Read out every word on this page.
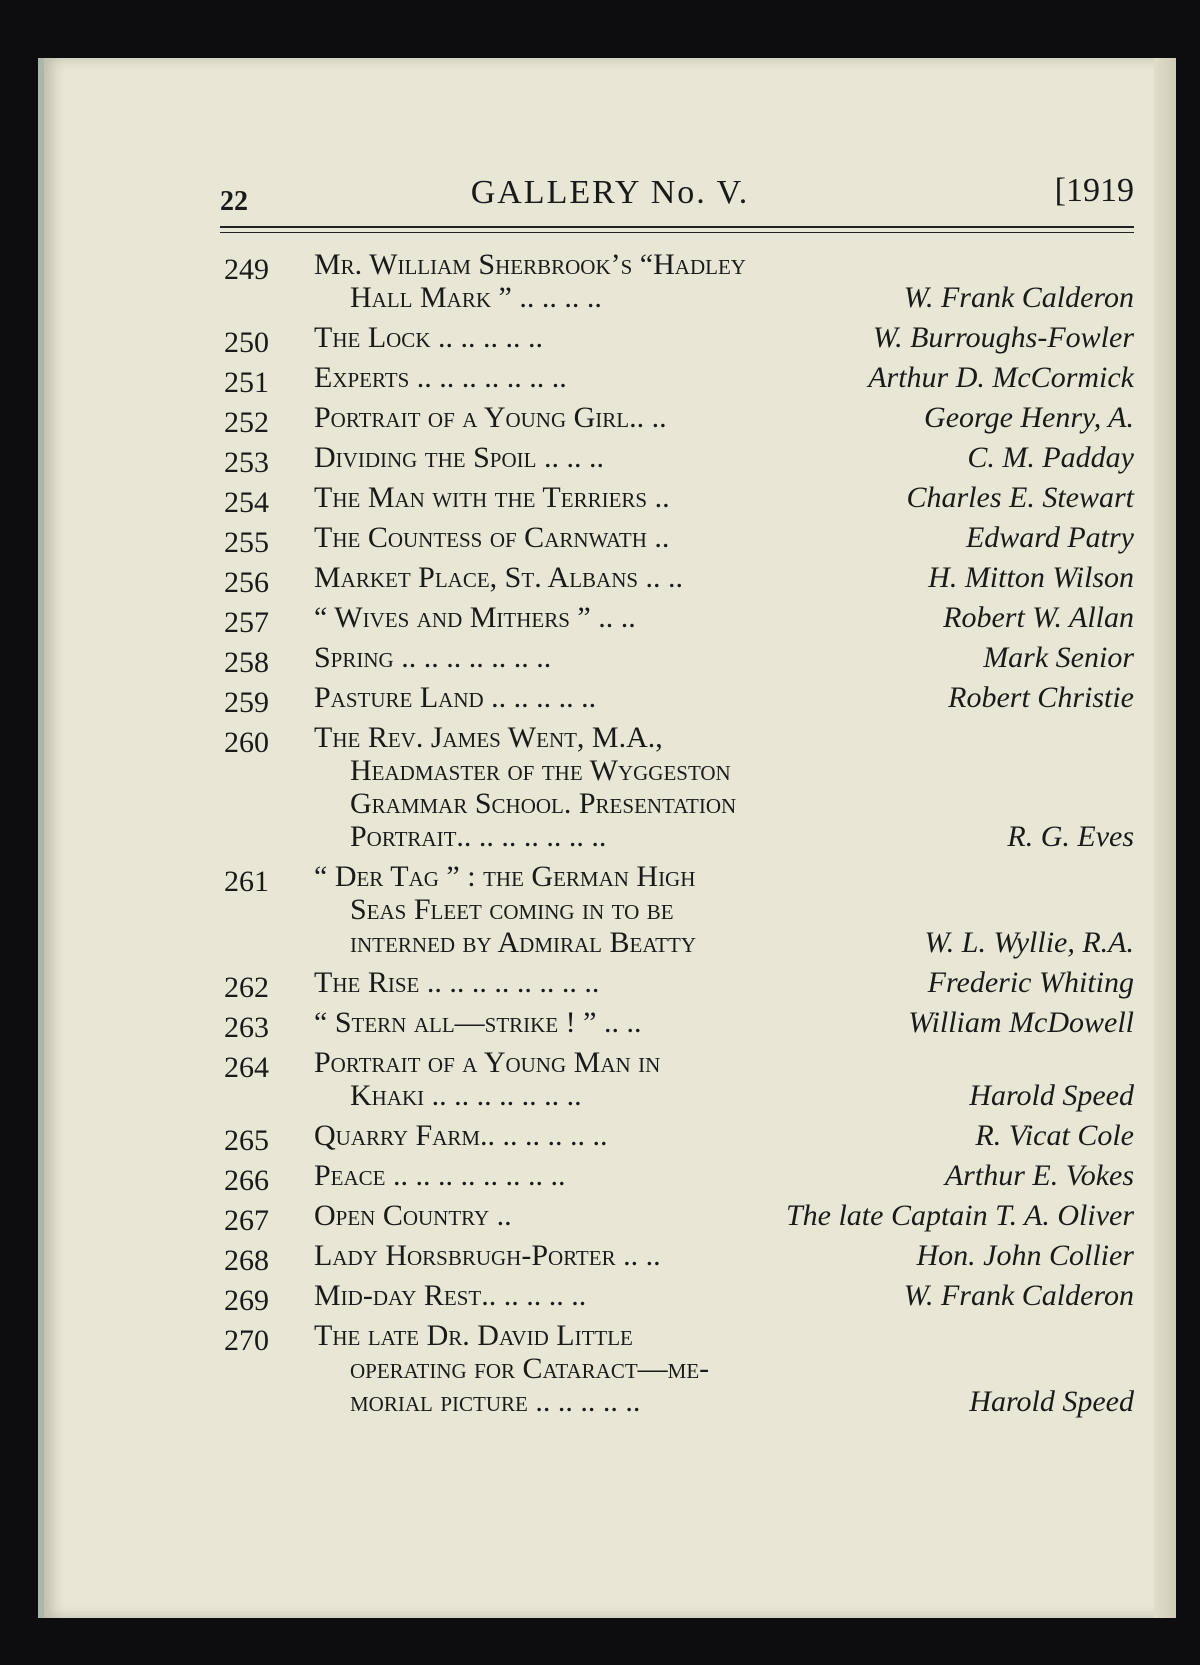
22	GALLERY No. V.	[1919
249	Mr. William Sherbrook’s “Hadley
Hall Mark ” .. .. .. ..	W. Frank Calderon
250	The Lock .. .. .. .. ..	W. Burroughs-Fowler
251	Experts .. .. .. .. .. .. ..	Arthur D. McCormick
252	Portrait of a Young Girl.. ..	George Henry, A.
253	Dividing the Spoil .. .. ..	C. M. Padday
254	The Man with the Terriers ..	Charles E. Stewart
255	The Countess of Carnwath ..	Edward Patry
256	Market Place, St. Albans .. ..	H. Mitton Wilson
257	“ Wives and Mithers ” .. ..	Robert W. Allan
258	Spring .. .. .. .. .. .. ..	Mark Senior
259	Pasture Land .. .. .. .. ..	Robert Christie
260	The Rev. James Went, M.A.,
Headmaster of the Wyggeston
Grammar School. Presentation
Portrait.. .. .. .. .. .. ..	R. G. Eves
261	“ Der Tag ” : the German High
Seas Fleet coming in to be
interned by Admiral Beatty	W. L. Wyllie, R.A.
262	The Rise .. .. .. .. .. .. .. ..	Frederic Whiting
263	“ Stern all—strike ! ” .. ..	William McDowell
264	Portrait of a Young Man in
Khaki .. .. .. .. .. .. ..	Harold Speed
265	Quarry Farm.. .. .. .. .. ..	R. Vicat Cole
266	Peace .. .. .. .. .. .. .. ..	Arthur E. Vokes
267	Open Country ..	The late Captain T. A. Oliver
268	Lady Horsbrugh-Porter .. ..	Hon. John Collier
269	Mid-day Rest.. .. .. .. ..	W. Frank Calderon
270	The late Dr. David Little
operating for Cataract—me-
morial picture .. .. .. .. ..	Harold Speed
